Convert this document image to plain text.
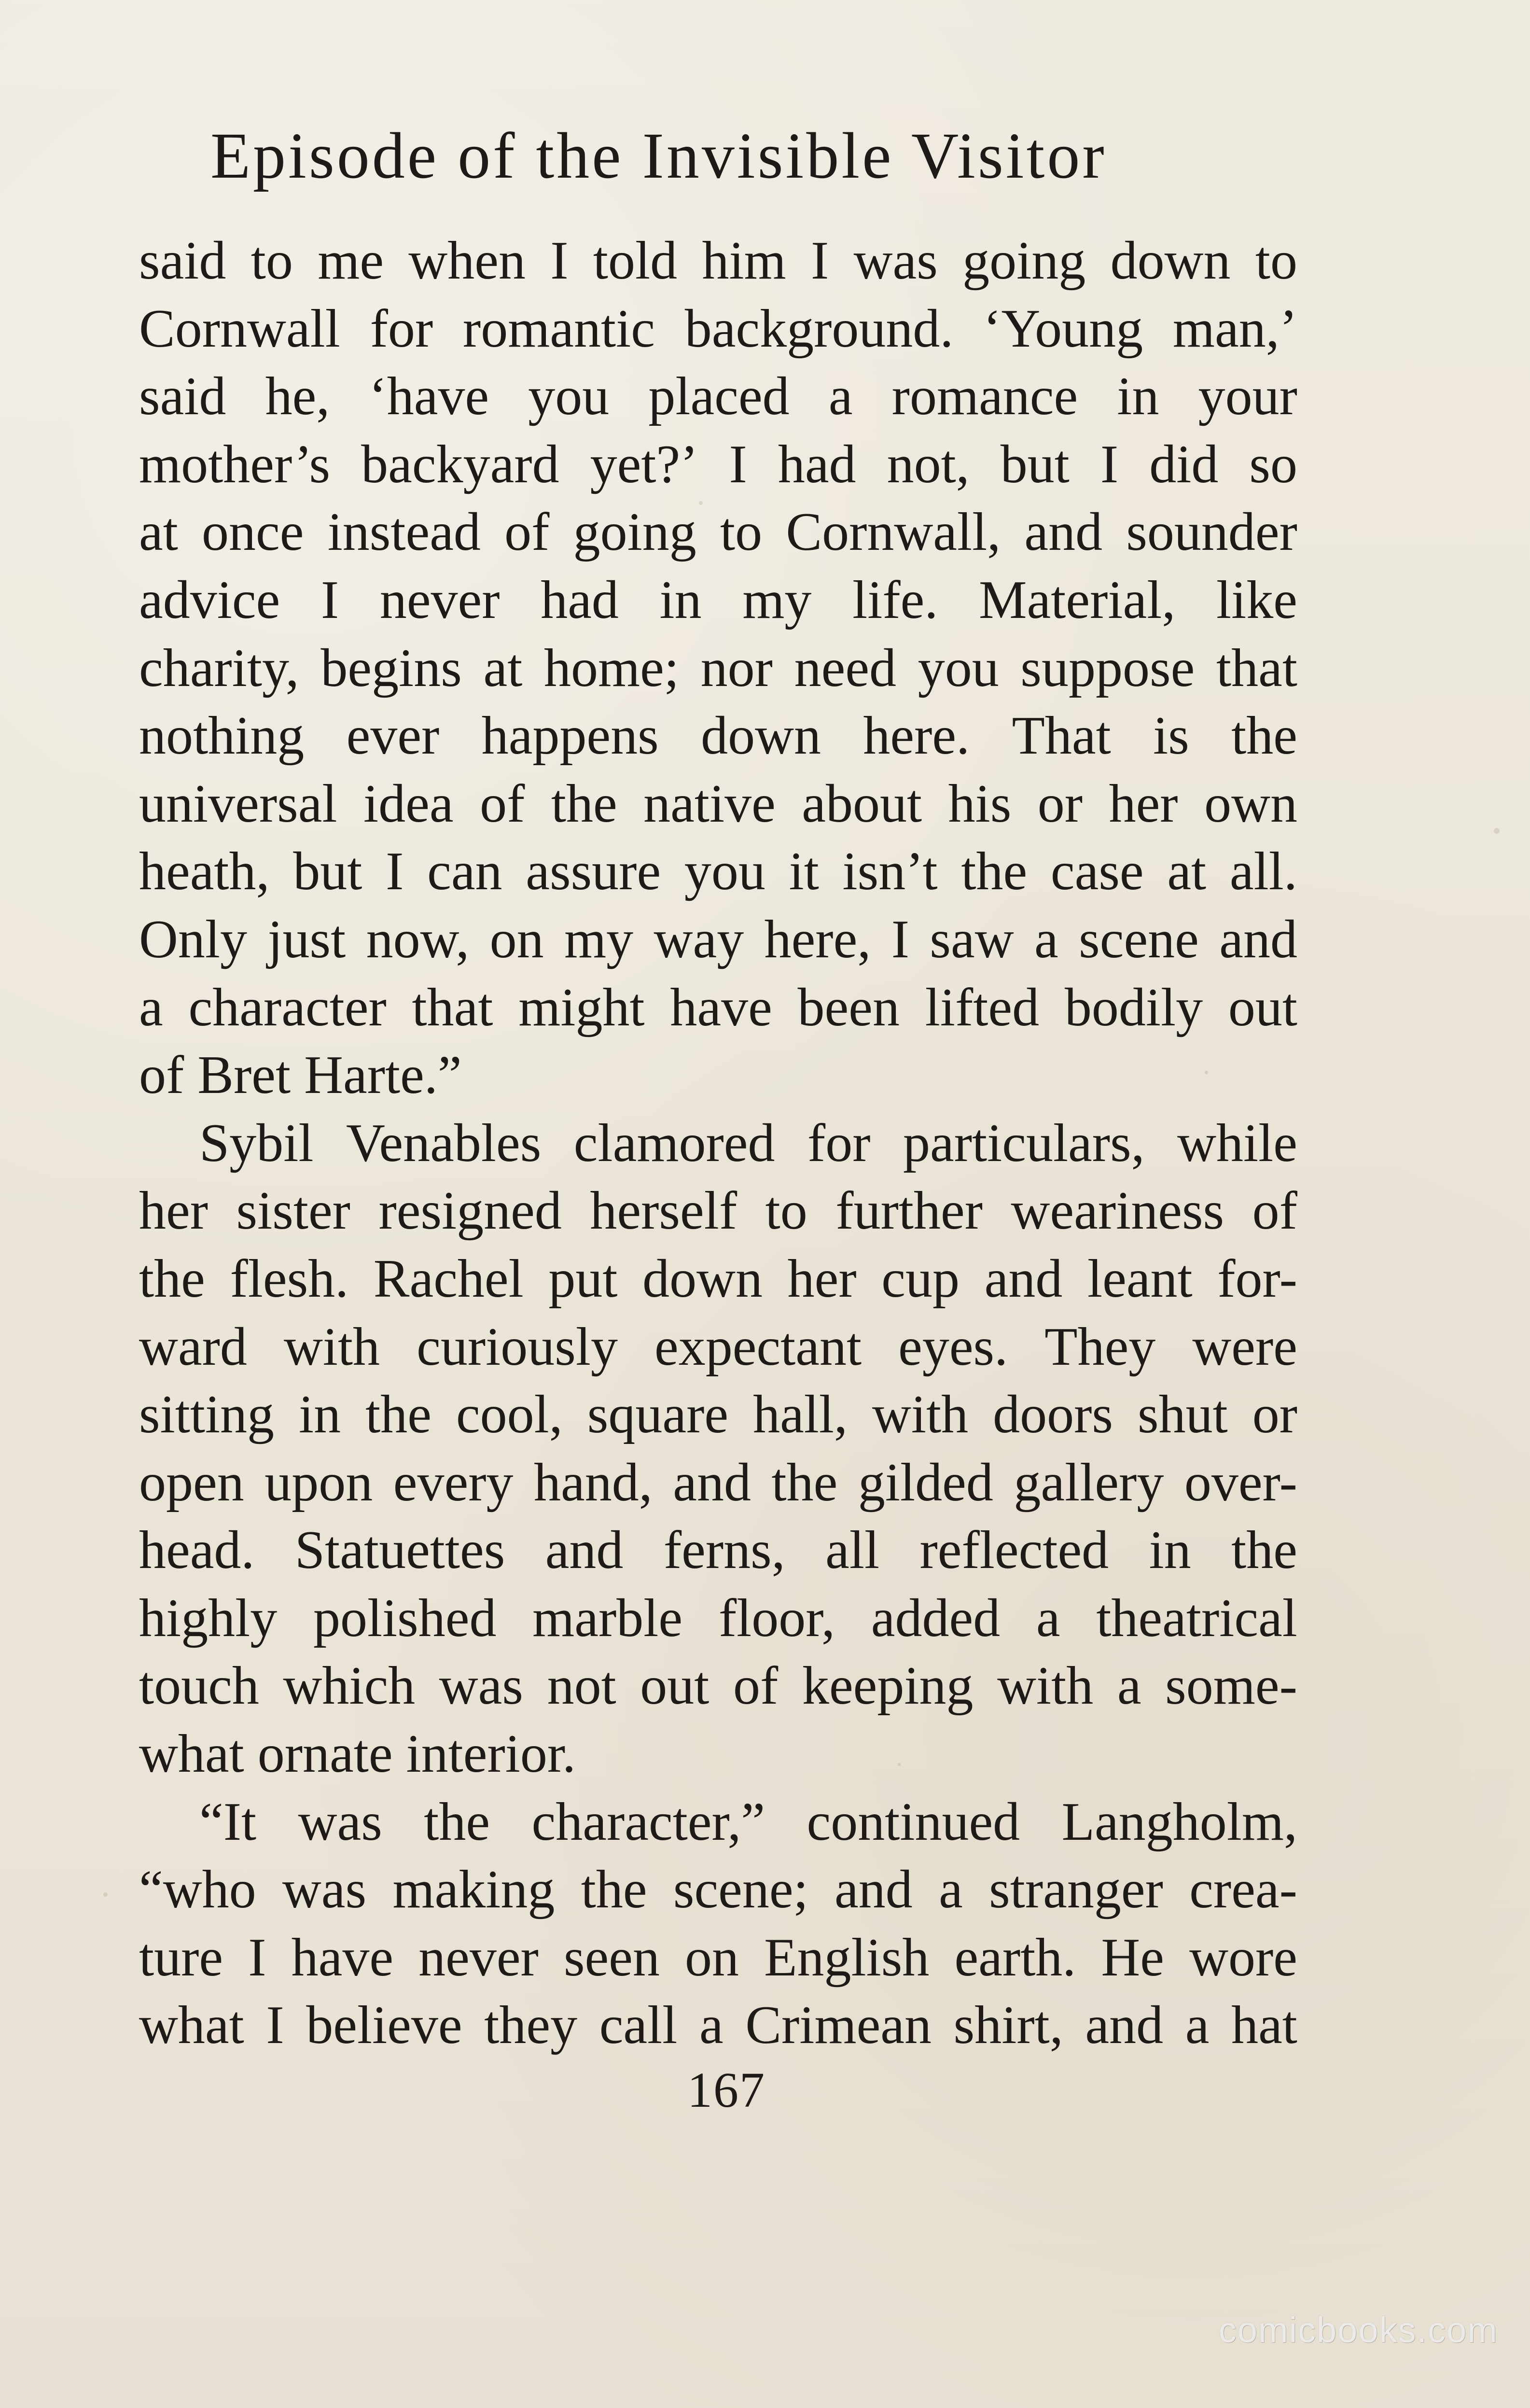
Episode of the Invisible Visitor
said to me when I told him I was going down to
Cornwall for romantic background. ‘Young man,’
said he, ‘have you placed a romance in your
mother’s backyard yet?’ I had not, but I did so
at once instead of going to Cornwall, and sounder
advice I never had in my life. Material, like
charity, begins at home; nor need you suppose that
nothing ever happens down here. That is the
universal idea of the native about his or her own
heath, but I can assure you it isn’t the case at all.
Only just now, on my way here, I saw a scene and
a character that might have been lifted bodily out
of Bret Harte.”
Sybil Venables clamored for particulars, while
her sister resigned herself to further weariness of
the flesh. Rachel put down her cup and leant for-
ward with curiously expectant eyes. They were
sitting in the cool, square hall, with doors shut or
open upon every hand, and the gilded gallery over-
head. Statuettes and ferns, all reflected in the
highly polished marble floor, added a theatrical
touch which was not out of keeping with a some-
what ornate interior.
“It was the character,” continued Langholm,
“who was making the scene; and a stranger crea-
ture I have never seen on English earth. He wore
what I believe they call a Crimean shirt, and a hat
167
comicbooks.com
